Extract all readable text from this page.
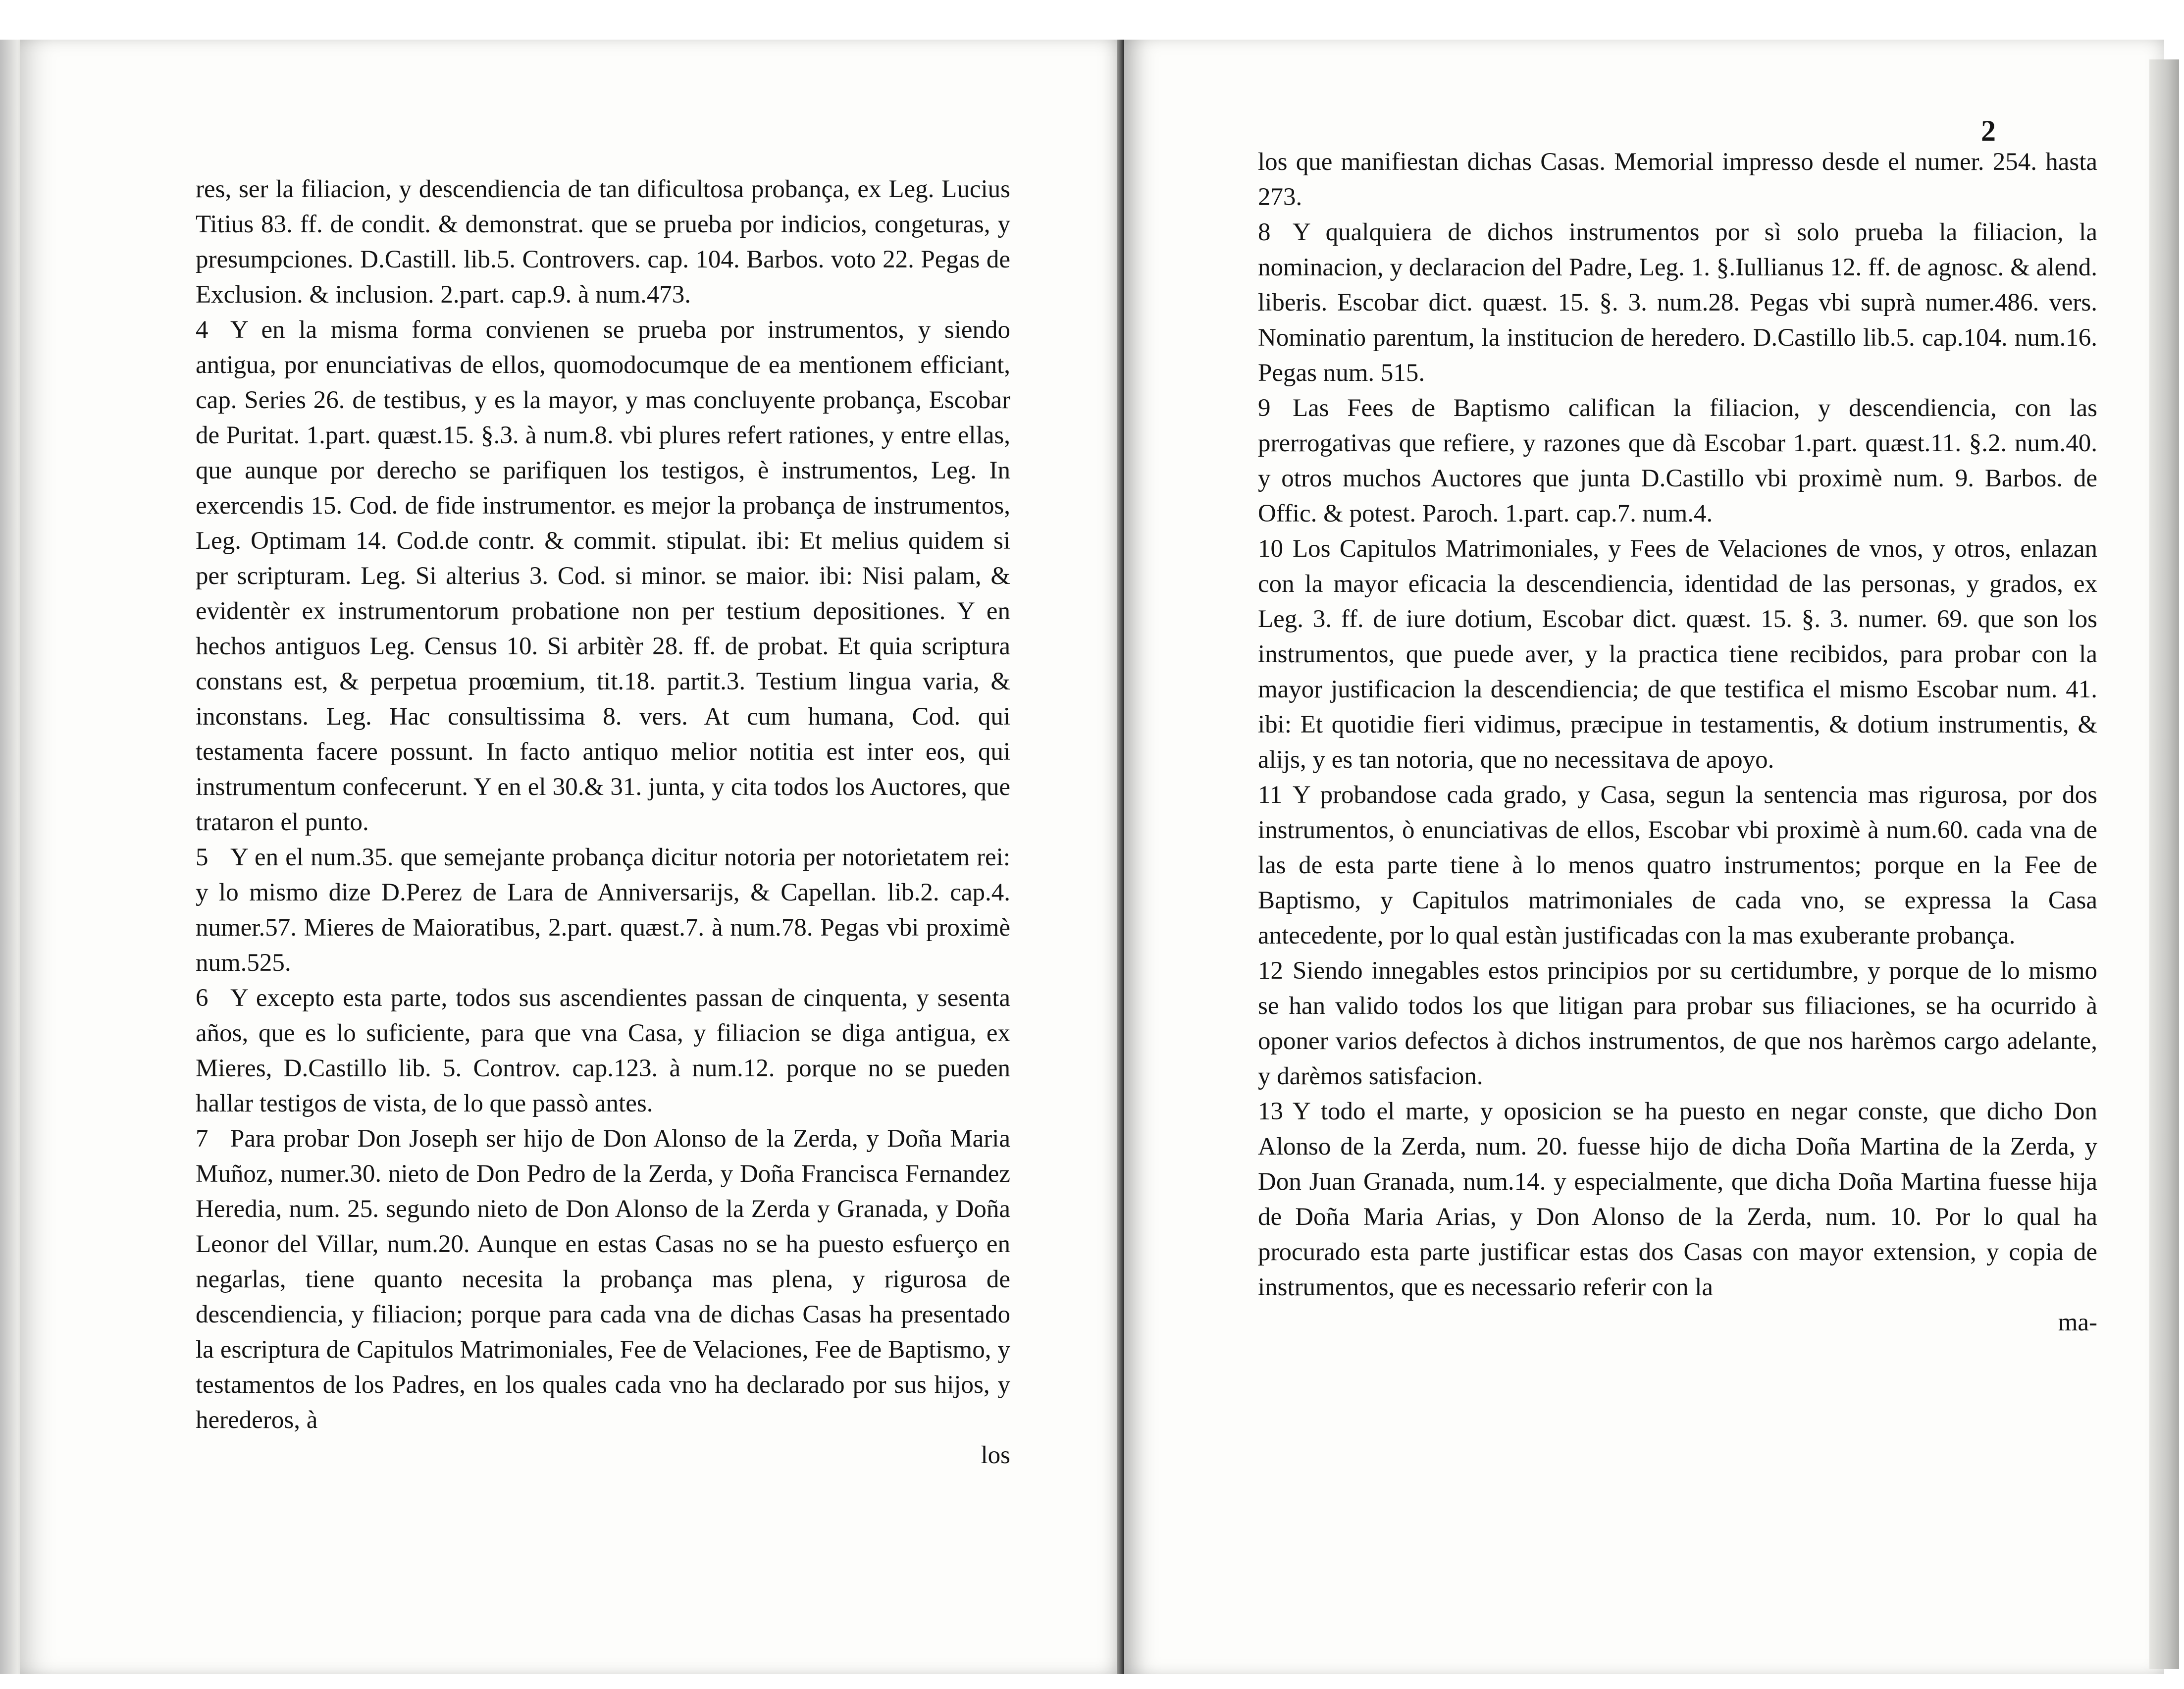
res, ser la filiacion, y descendiencia de tan dificultosa probança, ex Leg. Lucius Titius 83. ff. de condit. & demonstrat. que se prueba por indicios, congeturas, y presumpciones. D.Castill. lib.5. Controvers. cap. 104. Barbos. voto 22. Pegas de Exclusion. & inclusion. 2.part. cap.9. à num.473.

4 Y en la misma forma convienen se prueba por instrumentos, y siendo antigua, por enunciativas de ellos, quomodocumque de ea mentionem efficiant, cap. Series 26. de testibus, y es la mayor, y mas concluyente probança, Escobar de Puritat. 1.part. quæst.15. §.3. à num.8. vbi plures refert rationes, y entre ellas, que aunque por derecho se parifiquen los testigos, è instrumentos, Leg. In exercendis 15. Cod. de fide instrumentor. es mejor la probança de instrumentos, Leg. Optimam 14. Cod.de contr. & commit. stipulat. ibi: Et melius quidem si per scripturam. Leg. Si alterius 3. Cod. si minor. se maior. ibi: Nisi palam, & evidentèr ex instrumentorum probatione non per testium depositiones. Y en hechos antiguos Leg. Census 10. Si arbitèr 28. ff. de probat. Et quia scriptura constans est, & perpetua proœmium, tit.18. partit.3. Testium lingua varia, & inconstans. Leg. Hac consultissima 8. vers. At cum humana, Cod. qui testamenta facere possunt. In facto antiquo melior notitia est inter eos, qui instrumentum confecerunt. Y en el 30.& 31. junta, y cita todos los Auctores, que trataron el punto.

5 Y en el num.35. que semejante probança dicitur notoria per notorietatem rei: y lo mismo dize D.Perez de Lara de Anniversarijs, & Capellan. lib.2. cap.4. numer.57. Mieres de Maioratibus, 2.part. quæst.7. à num.78. Pegas vbi proximè num.525.

6 Y excepto esta parte, todos sus ascendientes passan de cinquenta, y sesenta años, que es lo suficiente, para que vna Casa, y filiacion se diga antigua, ex Mieres, D.Castillo lib. 5. Controv. cap.123. à num.12. porque no se pueden hallar testigos de vista, de lo que passò antes.

7 Para probar Don Joseph ser hijo de Don Alonso de la Zerda, y Doña Maria Muñoz, numer.30. nieto de Don Pedro de la Zerda, y Doña Francisca Fernandez Heredia, num. 25. segundo nieto de Don Alonso de la Zerda y Granada, y Doña Leonor del Villar, num.20. Aunque en estas Casas no se ha puesto esfuerço en negarlas, tiene quanto necesita la probança mas plena, y rigurosa de descendiencia, y filiacion; porque para cada vna de dichas Casas ha presentado la escriptura de Capitulos Matrimoniales, Fee de Velaciones, Fee de Baptismo, y testamentos de los Padres, en los quales cada vno ha declarado por sus hijos, y herederos, à

los

2

los que manifiestan dichas Casas. Memorial impresso desde el numer. 254. hasta 273.

8 Y qualquiera de dichos instrumentos por sì solo prueba la filiacion, la nominacion, y declaracion del Padre, Leg. 1. §.Iullianus 12. ff. de agnosc. & alend. liberis. Escobar dict. quæst. 15. §. 3. num.28. Pegas vbi suprà numer.486. vers. Nominatio parentum, la institucion de heredero. D.Castillo lib.5. cap.104. num.16. Pegas num. 515.

9 Las Fees de Baptismo califican la filiacion, y descendiencia, con las prerrogativas que refiere, y razones que dà Escobar 1.part. quæst.11. §.2. num.40. y otros muchos Auctores que junta D.Castillo vbi proximè num. 9. Barbos. de Offic. & potest. Paroch. 1.part. cap.7. num.4.

10 Los Capitulos Matrimoniales, y Fees de Velaciones de vnos, y otros, enlazan con la mayor eficacia la descendiencia, identidad de las personas, y grados, ex Leg. 3. ff. de iure dotium, Escobar dict. quæst. 15. §. 3. numer. 69. que son los instrumentos, que puede aver, y la practica tiene recibidos, para probar con la mayor justificacion la descendiencia; de que testifica el mismo Escobar num. 41. ibi: Et quotidie fieri vidimus, præcipue in testamentis, & dotium instrumentis, & alijs, y es tan notoria, que no necessitava de apoyo.

11 Y probandose cada grado, y Casa, segun la sentencia mas rigurosa, por dos instrumentos, ò enunciativas de ellos, Escobar vbi proximè à num.60. cada vna de las de esta parte tiene à lo menos quatro instrumentos; porque en la Fee de Baptismo, y Capitulos matrimoniales de cada vno, se expressa la Casa antecedente, por lo qual estàn justificadas con la mas exuberante probança.

12 Siendo innegables estos principios por su certidumbre, y porque de lo mismo se han valido todos los que litigan para probar sus filiaciones, se ha ocurrido à oponer varios defectos à dichos instrumentos, de que nos harèmos cargo adelante, y darèmos satisfacion.

13 Y todo el marte, y oposicion se ha puesto en negar conste, que dicho Don Alonso de la Zerda, num. 20. fuesse hijo de dicha Doña Martina de la Zerda, y Don Juan Granada, num.14. y especialmente, que dicha Doña Martina fuesse hija de Doña Maria Arias, y Don Alonso de la Zerda, num. 10. Por lo qual ha procurado esta parte justificar estas dos Casas con mayor extension, y copia de instrumentos, que es necessario referir con la

ma-
